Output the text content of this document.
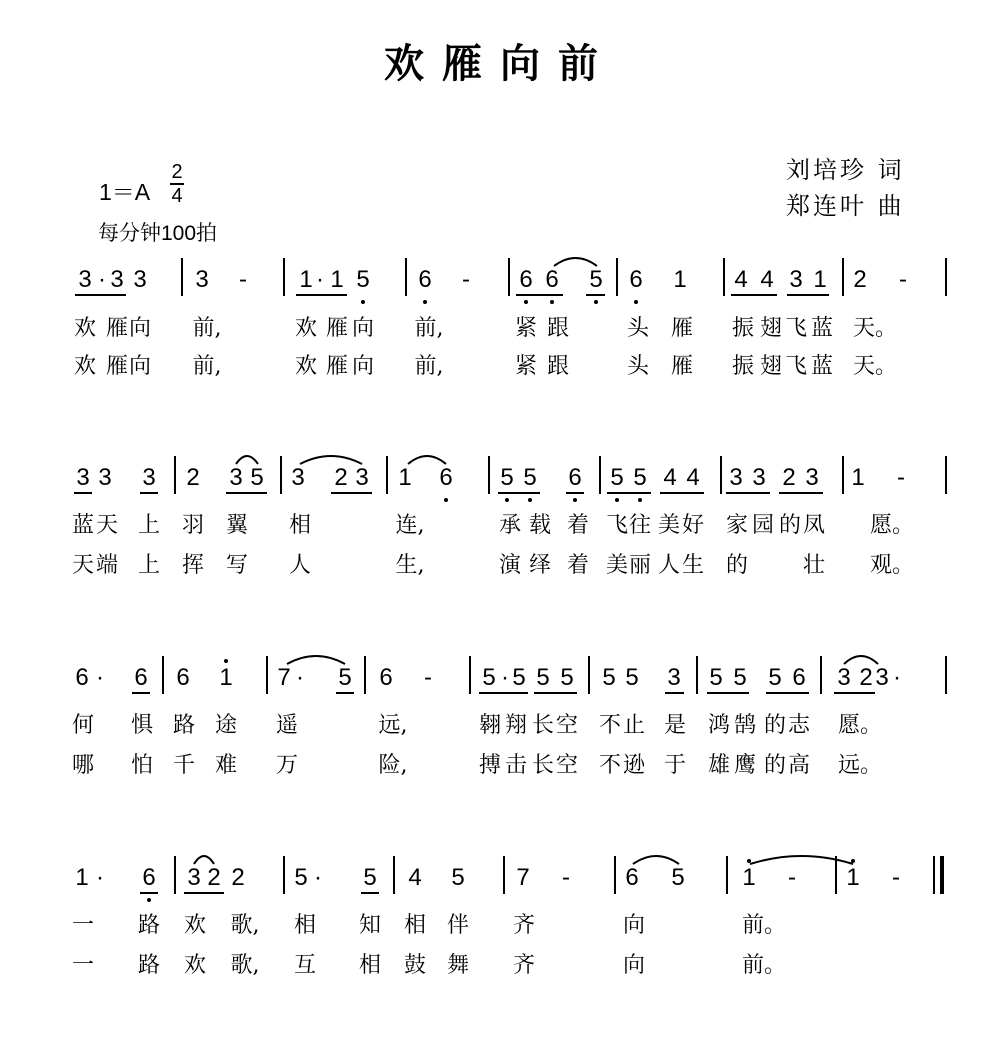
欢雁向前
刘培珍 词
郑连叶 曲
1＝A
2
4
每分钟100拍
3 · 3 3 3	-	1 · 1 5 6	-	6 6 5 6 1 4 4 3 1 2	-
欢 雁 向 前,	欢 雁 向 前,	紧 跟	头 雁 振 翅 飞 蓝 天。
欢 雁 向 前,	欢 雁 向 前,	紧 跟	头 雁 振 翅 飞 蓝 天。
3 3 3 2 3 5 3 2 3 1 6 5 5 6 5 5 4 4 3 3 2 3 1	-
蓝 天 上 羽 翼 相	连,	承 载 着 飞 往 美 好 家 园 的 凤 愿。
天 端 上 挥 写 人	生,	演 绎 着 美 丽 人 生 的 壮 观。
6 ·	6 6 1 7 ·	5 6	-	5 · 5 5 5 5 5 3 5 5 5 6 3 2 3 ·
何 惧 路 途 遥	远,	翱 翔 长 空 不 止 是 鸿 鹄 的 志 愿。
哪 怕 千 难 万	险,	搏 击 长 空 不 逊 于 雄 鹰 的 高 远。
1 ·	6 3 2 2 5 ·	5 4 5 7	-	6 5 1	-	1	-
一 路 欢 歌, 相 知 相 伴 齐	向	前。
一 路 欢 歌, 互 相 鼓 舞 齐	向	前。
